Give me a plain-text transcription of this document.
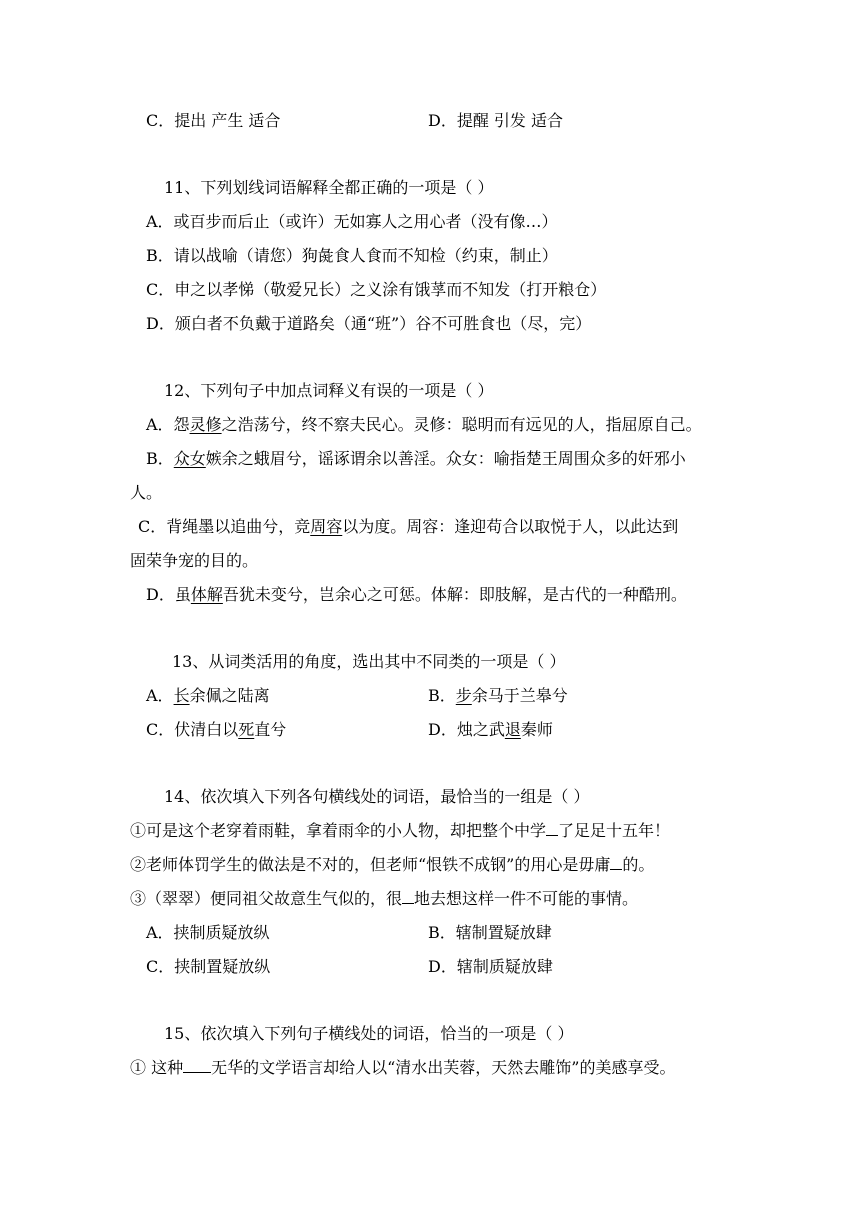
C．提出 产生 适合	D．提醒 引发 适合
11、下列划线词语解释全都正确的一项是（ ）
A．或百步而后止（或许）无如寡人之用心者（没有像…）
B．请以战喻（请您）狗彘食人食而不知检（约束，制止）
C．申之以孝悌（敬爱兄长）之义涂有饿莩而不知发（打开粮仓）
D．颁白者不负戴于道路矣（通“班”）谷不可胜食也（尽，完）
12、下列句子中加点词释义有误的一项是（ ）
A．怨灵修之浩荡兮，终不察夫民心。灵修：聪明而有远见的人，指屈原自己。
B．众女嫉余之蛾眉兮，谣诼谓余以善淫。众女：喻指楚王周围众多的奸邪小
人。
C．背绳墨以追曲兮，竞周容以为度。周容：逢迎苟合以取悦于人，以此达到
固荣争宠的目的。
D．虽体解吾犹未变兮，岂余心之可惩。体解：即肢解，是古代的一种酷刑。
13、从词类活用的角度，选出其中不同类的一项是（ ）
A．长余佩之陆离	B．步余马于兰皋兮
C．伏清白以死直兮	D．烛之武退秦师
14、依次填入下列各句横线处的词语，最恰当的一组是（ ）
①可是这个老穿着雨鞋，拿着雨伞的小人物，却把整个中学 了足足十五年！
②老师体罚学生的做法是不对的，但老师“恨铁不成钢”的用心是毋庸 的。
③（翠翠）便同祖父故意生气似的，很 地去想这样一件不可能的事情。
A．挟制质疑放纵	B．辖制置疑放肆
C．挟制置疑放纵	D．辖制质疑放肆
15、依次填入下列句子横线处的词语，恰当的一项是（ ）
① 这种 无华的文学语言却给人以“清水出芙蓉，天然去雕饰”的美感享受。
